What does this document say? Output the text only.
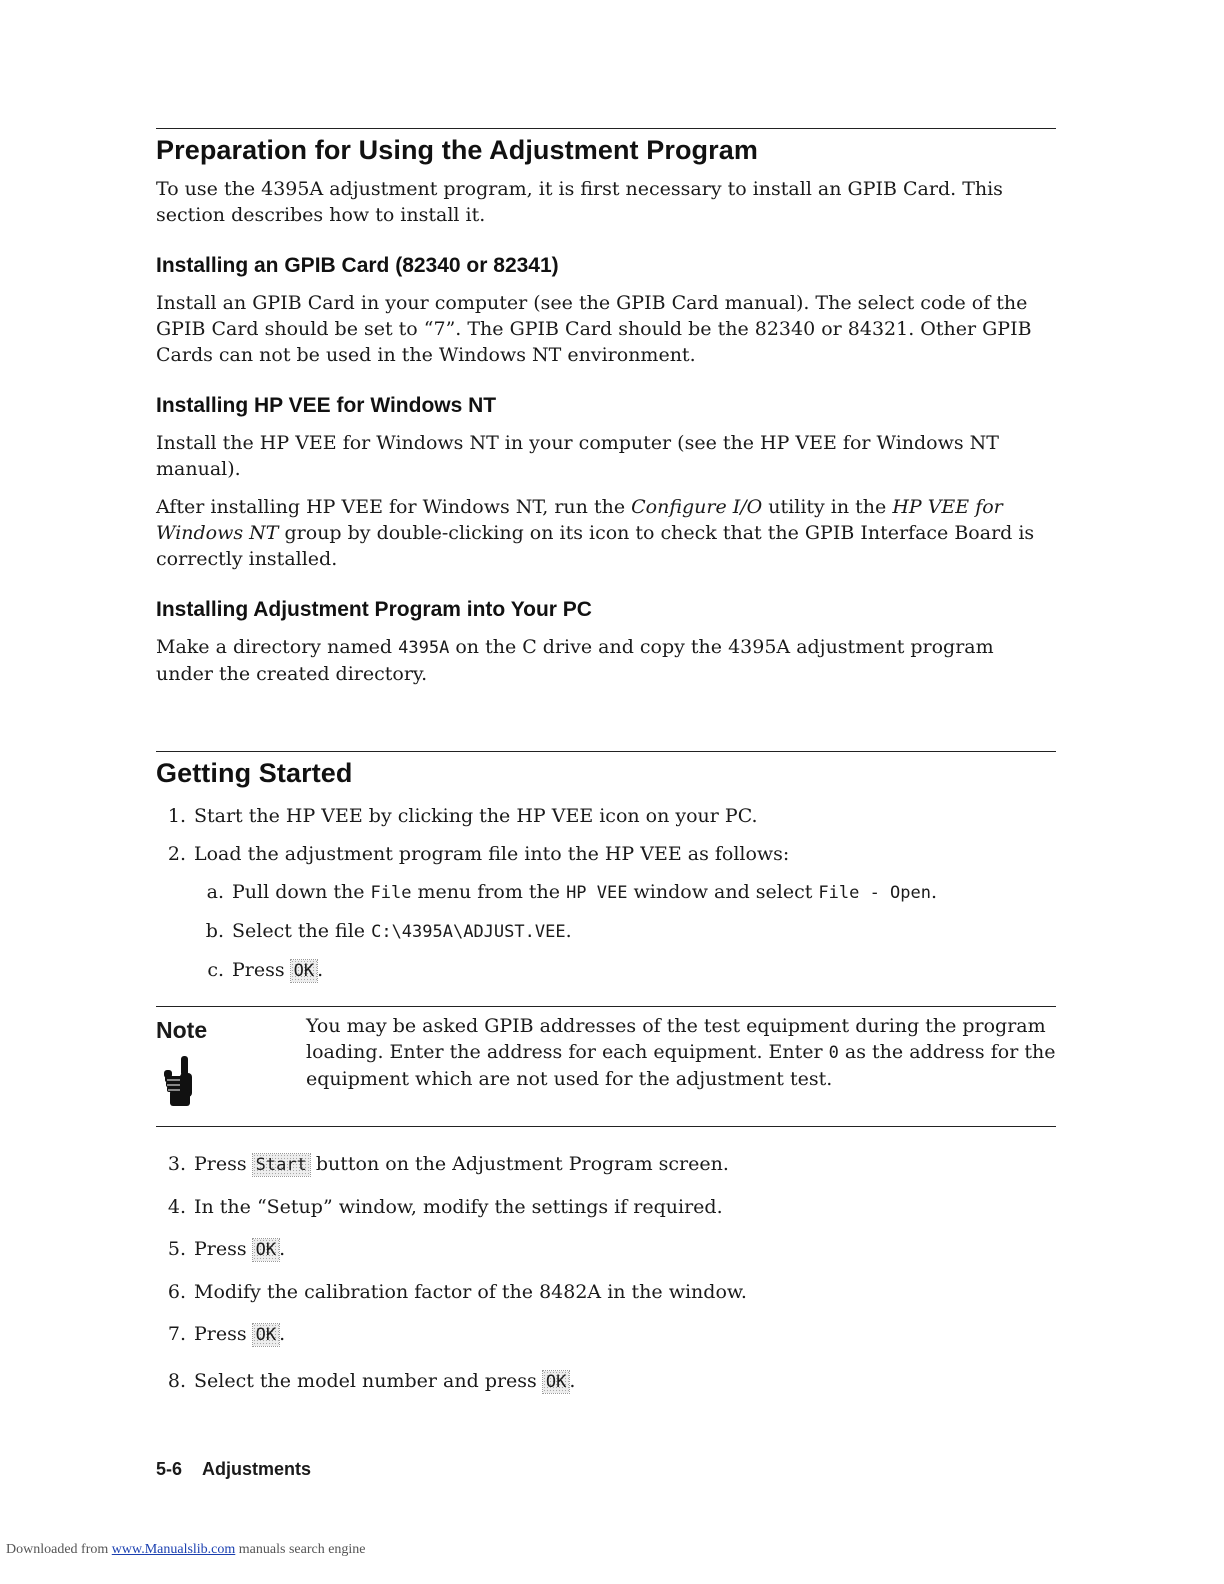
Preparation for Using the Adjustment Program

To use the 4395A adjustment program, it is first necessary to install an GPIB Card. This section describes how to install it.

Installing an GPIB Card (82340 or 82341)

Install an GPIB Card in your computer (see the GPIB Card manual). The select code of the GPIB Card should be set to “7”. The GPIB Card should be the 82340 or 84321. Other GPIB Cards can not be used in the Windows NT environment.

Installing HP VEE for Windows NT

Install the HP VEE for Windows NT in your computer (see the HP VEE for Windows NT manual).

After installing HP VEE for Windows NT, run the Configure I/O utility in the HP VEE for Windows NT group by double-clicking on its icon to check that the GPIB Interface Board is correctly installed.

Installing Adjustment Program into Your PC

Make a directory named 4395A on the C drive and copy the 4395A adjustment program under the created directory.

Getting Started
1. Start the HP VEE by clicking the HP VEE icon on your PC.
2. Load the adjustment program file into the HP VEE as follows:
a. Pull down the File menu from the HP VEE window and select File - Open.
b. Select the file C:\4395A\ADJUST.VEE.
c. Press OK .
Note	You may be asked GPIB addresses of the test equipment during the program loading. Enter the address for each equipment. Enter 0 as the address for the equipment which are not used for the adjustment test.
3. Press Start button on the Adjustment Program screen.
4. In the “Setup” window, modify the settings if required.
5. Press OK .
6. Modify the calibration factor of the 8482A in the window.
7. Press OK .
8. Select the model number and press OK .
5-6 Adjustments
Downloaded from www.Manualslib.com manuals search engine
